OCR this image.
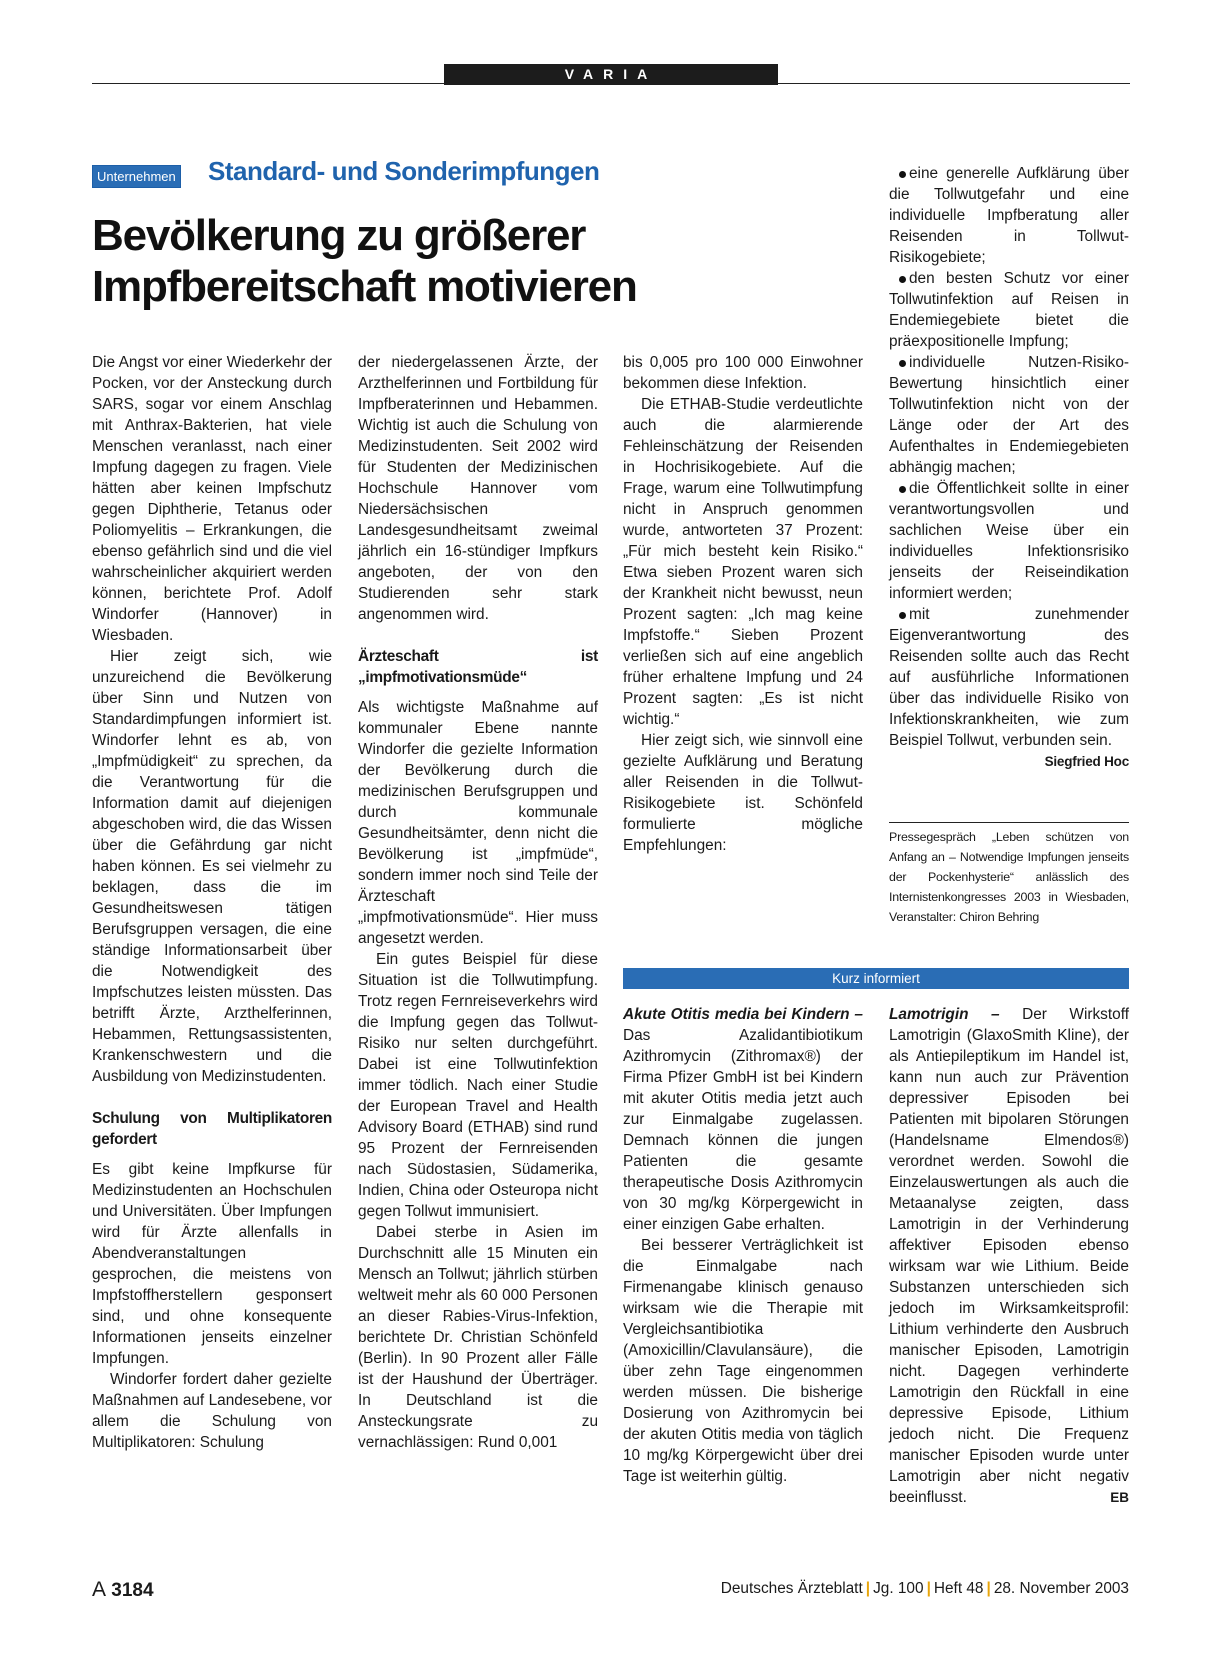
VARIA
Unternehmen Standard- und Sonderimpfungen
Bevölkerung zu größerer Impfbereitschaft motivieren

Die Angst vor einer Wiederkehr der Pocken, vor der Ansteckung durch SARS, sogar vor einem Anschlag mit Anthrax-Bakterien, hat viele Menschen veranlasst, nach einer Impfung dagegen zu fragen. Viele hätten aber keinen Impfschutz gegen Diphtherie, Tetanus oder Poliomyelitis – Erkrankungen, die ebenso gefährlich sind und die viel wahrscheinlicher akquiriert werden können, berichtete Prof. Adolf Windorfer (Hannover) in Wiesbaden.

Hier zeigt sich, wie unzureichend die Bevölkerung über Sinn und Nutzen von Standardimpfungen informiert ist. Windorfer lehnt es ab, von „Impfmüdigkeit“ zu sprechen, da die Verantwortung für die Information damit auf diejenigen abgeschoben wird, die das Wissen über die Gefährdung gar nicht haben können. Es sei vielmehr zu beklagen, dass die im Gesundheitswesen tätigen Berufsgruppen versagen, die eine ständige Informationsarbeit über die Notwendigkeit des Impfschutzes leisten müssten. Das betrifft Ärzte, Arzthelferinnen, Hebammen, Rettungsassistenten, Krankenschwestern und die Ausbildung von Medizinstudenten.

Schulung von Multiplikatoren gefordert

Es gibt keine Impfkurse für Medizinstudenten an Hochschulen und Universitäten. Über Impfungen wird für Ärzte allenfalls in Abendveranstaltungen gesprochen, die meistens von Impfstoffherstellern gesponsert sind, und ohne konsequente Informationen jenseits einzelner Impfungen.

Windorfer fordert daher gezielte Maßnahmen auf Landesebene, vor allem die Schulung von Multiplikatoren: Schulung

der niedergelassenen Ärzte, der Arzthelferinnen und Fortbildung für Impfberaterinnen und Hebammen. Wichtig ist auch die Schulung von Medizinstudenten. Seit 2002 wird für Studenten der Medizinischen Hochschule Hannover vom Niedersächsischen Landesgesundheitsamt zweimal jährlich ein 16-stündiger Impfkurs angeboten, der von den Studierenden sehr stark angenommen wird.

Ärzteschaft ist „impfmotivationsmüde“

Als wichtigste Maßnahme auf kommunaler Ebene nannte Windorfer die gezielte Information der Bevölkerung durch die medizinischen Berufsgruppen und durch kommunale Gesundheitsämter, denn nicht die Bevölkerung ist „impfmüde“, sondern immer noch sind Teile der Ärzteschaft „impfmotivationsmüde“. Hier muss angesetzt werden.

Ein gutes Beispiel für diese Situation ist die Tollwutimpfung. Trotz regen Fernreiseverkehrs wird die Impfung gegen das Tollwut-Risiko nur selten durchgeführt. Dabei ist eine Tollwutinfektion immer tödlich. Nach einer Studie der European Travel and Health Advisory Board (ETHAB) sind rund 95 Prozent der Fernreisenden nach Südostasien, Südamerika, Indien, China oder Osteuropa nicht gegen Tollwut immunisiert.

Dabei sterbe in Asien im Durchschnitt alle 15 Minuten ein Mensch an Tollwut; jährlich stürben weltweit mehr als 60 000 Personen an dieser Rabies-Virus-Infektion, berichtete Dr. Christian Schönfeld (Berlin). In 90 Prozent aller Fälle ist der Haushund der Überträger. In Deutschland ist die Ansteckungsrate zu vernachlässigen: Rund 0,001

bis 0,005 pro 100 000 Einwohner bekommen diese Infektion.

Die ETHAB-Studie verdeutlichte auch die alarmierende Fehleinschätzung der Reisenden in Hochrisikogebiete. Auf die Frage, warum eine Tollwutimpfung nicht in Anspruch genommen wurde, antworteten 37 Prozent: „Für mich besteht kein Risiko.“ Etwa sieben Prozent waren sich der Krankheit nicht bewusst, neun Prozent sagten: „Ich mag keine Impfstoffe.“ Sieben Prozent verließen sich auf eine angeblich früher erhaltene Impfung und 24 Prozent sagten: „Es ist nicht wichtig.“

Hier zeigt sich, wie sinnvoll eine gezielte Aufklärung und Beratung aller Reisenden in die Tollwut-Risikogebiete ist. Schönfeld formulierte mögliche Empfehlungen:

eine generelle Aufklärung über die Tollwutgefahr und eine individuelle Impfberatung aller Reisenden in Tollwut-Risikogebiete;
den besten Schutz vor einer Tollwutinfektion auf Reisen in Endemiegebiete bietet die präexpositionelle Impfung;
individuelle Nutzen-Risiko-Bewertung hinsichtlich einer Tollwutinfektion nicht von der Länge oder der Art des Aufenthaltes in Endemiegebieten abhängig machen;
die Öffentlichkeit sollte in einer verantwortungsvollen und sachlichen Weise über ein individuelles Infektionsrisiko jenseits der Reiseindikation informiert werden;
mit zunehmender Eigenverantwortung des Reisenden sollte auch das Recht auf ausführliche Informationen über das individuelle Risiko von Infektionskrankheiten, wie zum Beispiel Tollwut, verbunden sein.
Siegfried Hoc
Pressegespräch „Leben schützen von Anfang an – Notwendige Impfungen jenseits der Pockenhysterie“ anlässlich des Internistenkongresses 2003 in Wiesbaden, Veranstalter: Chiron Behring
Kurz informiert

Akute Otitis media bei Kindern – Das Azalidantibiotikum Azithromycin (Zithromax®) der Firma Pfizer GmbH ist bei Kindern mit akuter Otitis media jetzt auch zur Einmalgabe zugelassen. Demnach können die jungen Patienten die gesamte therapeutische Dosis Azithromycin von 30 mg/kg Körpergewicht in einer einzigen Gabe erhalten.

Bei besserer Verträglichkeit ist die Einmalgabe nach Firmenangabe klinisch genauso wirksam wie die Therapie mit Vergleichsantibiotika (Amoxicillin/Clavulansäure), die über zehn Tage eingenommen werden müssen. Die bisherige Dosierung von Azithromycin bei der akuten Otitis media von täglich 10 mg/kg Körpergewicht über drei Tage ist weiterhin gültig.

Lamotrigin – Der Wirkstoff Lamotrigin (GlaxoSmith Kline), der als Antiepileptikum im Handel ist, kann nun auch zur Prävention depressiver Episoden bei Patienten mit bipolaren Störungen (Handelsname Elmendos®) verordnet werden. Sowohl die Einzelauswertungen als auch die Metaanalyse zeigten, dass Lamotrigin in der Verhinderung affektiver Episoden ebenso wirksam war wie Lithium. Beide Substanzen unterschieden sich jedoch im Wirksamkeitsprofil: Lithium verhinderte den Ausbruch manischer Episoden, Lamotrigin nicht. Dagegen verhinderte Lamotrigin den Rückfall in eine depressive Episode, Lithium jedoch nicht. Die Frequenz manischer Episoden wurde unter Lamotrigin aber nicht negativ beeinflusst.	EB

A 3184	Deutsches Ärzteblatt | Jg. 100 | Heft 48 | 28. November 2003
